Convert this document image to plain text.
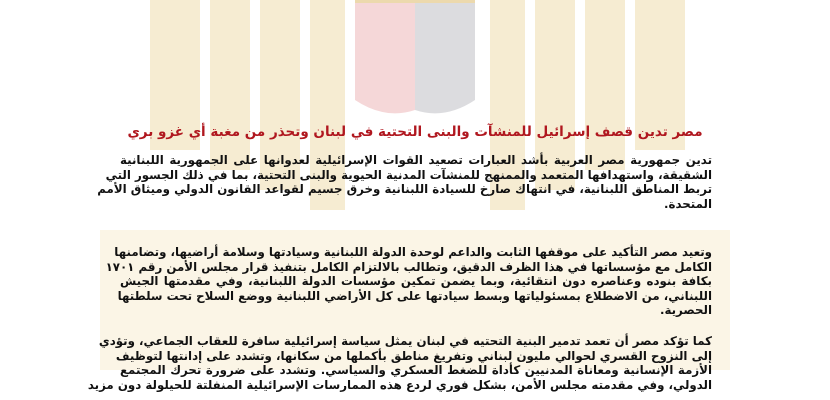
مصر تدين قصف إسرائيل للمنشآت والبنى التحتية في لبنان وتحذر من مغبة أي غزو بري
تدين جمهورية مصر العربية بأشد العبارات تصعيد القوات الإسرائيلية لعدوانها على الجمهورية اللبنانية
الشقيقة، واستهدافها المتعمد والممنهج للمنشآت المدنية الحيوية والبنى التحتية، بما في ذلك الجسور التي
تربط المناطق اللبنانية، في انتهاك صارخ للسيادة اللبنانية وخرق جسيم لقواعد القانون الدولي وميثاق الأمم
المتحدة.
وتعيد مصر التأكيد على موقفها الثابت والداعم لوحدة الدولة اللبنانية وسيادتها وسلامة أراضيها، وتضامنها
الكامل مع مؤسساتها في هذا الظرف الدقيق، وتطالب بالالتزام الكامل بتنفيذ قرار مجلس الأمن رقم ١٧٠١
بكافة بنوده وعناصره دون انتقائية، وبما يضمن تمكين مؤسسات الدولة اللبنانية، وفي مقدمتها الجيش
اللبناني، من الاضطلاع بمسئولياتها وبسط سيادتها على كل الأراضي اللبنانية ووضع السلاح تحت سلطتها
الحصرية.
كما تؤكد مصر أن تعمد تدمير البنية التحتيه في لبنان يمثل سياسة إسرائيلية سافرة للعقاب الجماعي، وتؤدي
إلى النزوح القسري لحوالي مليون لبناني وتفريغ مناطق بأكملها من سكانها، وتشدد على إدانتها لتوظيف
الأزمة الإنسانية ومعاناة المدنيين كأداة للضغط العسكري والسياسي. وتشدد على ضرورة تحرك المجتمع
الدولي، وفي مقدمته مجلس الأمن، بشكل فوري لردع هذه الممارسات الإسرائيلية المنفلتة للحيلولة دون مزيد
